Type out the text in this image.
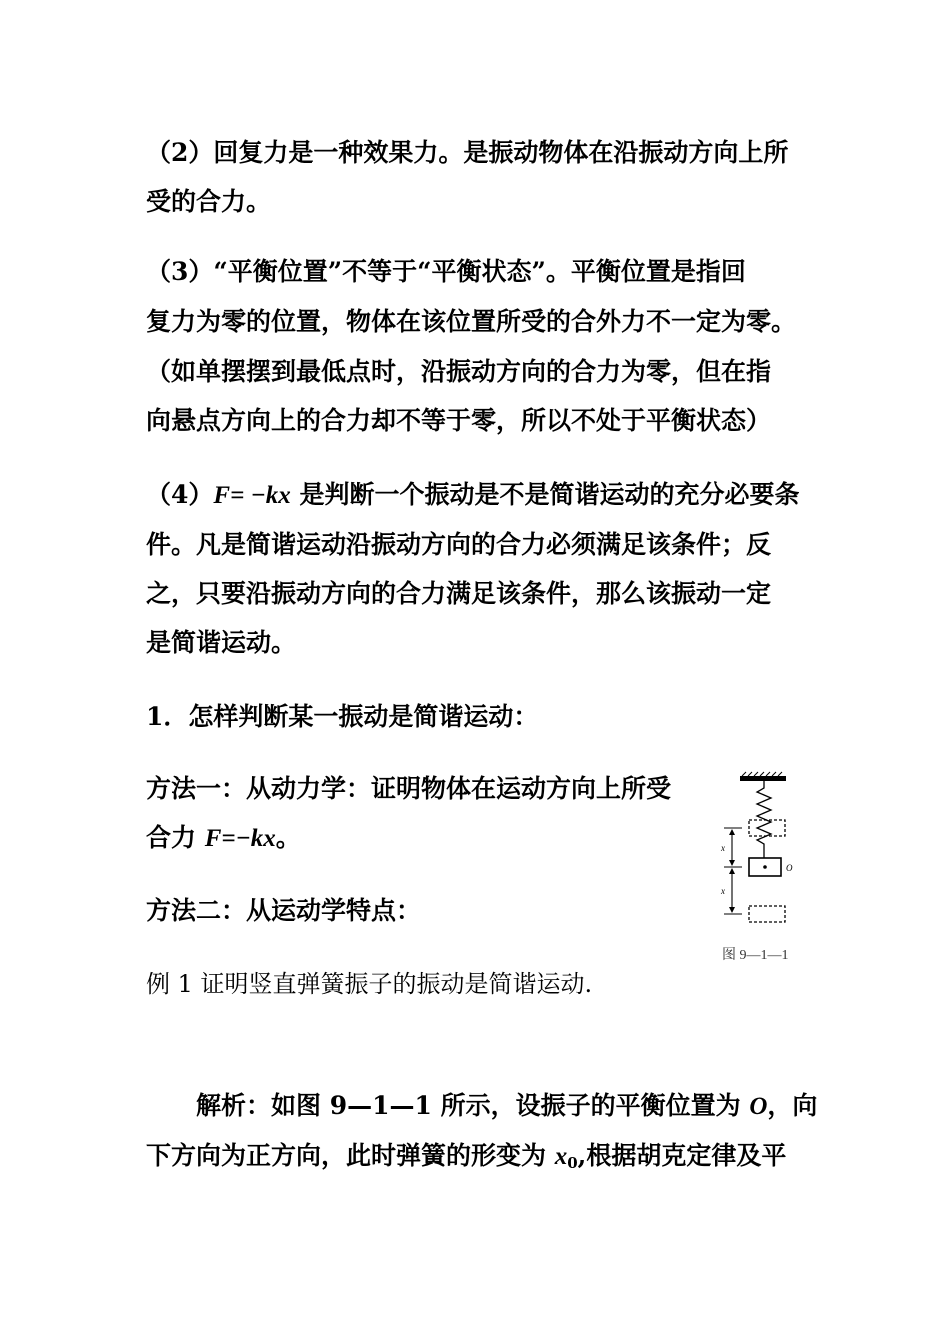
（2）回复力是一种效果力。是振动物体在沿振动方向上所
受的合力。
（3）“平衡位置”不等于“平衡状态”。平衡位置是指回
复力为零的位置，物体在该位置所受的合外力不一定为零。
（如单摆摆到最低点时，沿振动方向的合力为零，但在指
向悬点方向上的合力却不等于零，所以不处于平衡状态）
（4）F= −kx 是判断一个振动是不是简谐运动的充分必要条
件。凡是简谐运动沿振动方向的合力必须满足该条件；反
之，只要沿振动方向的合力满足该条件，那么该振动一定
是简谐运动。
1．怎样判断某一振动是简谐运动：
方法一：从动力学：证明物体在运动方向上所受
合力 F=−kx。
方法二：从运动学特点：
例 1 证明竖直弹簧振子的振动是简谐运动.
解析：如图 9—1—1 所示，设振子的平衡位置为 O，向
下方向为正方向，此时弹簧的形变为 $x_0$,根据胡克定律及平
O
x
x
图 9—1—1
